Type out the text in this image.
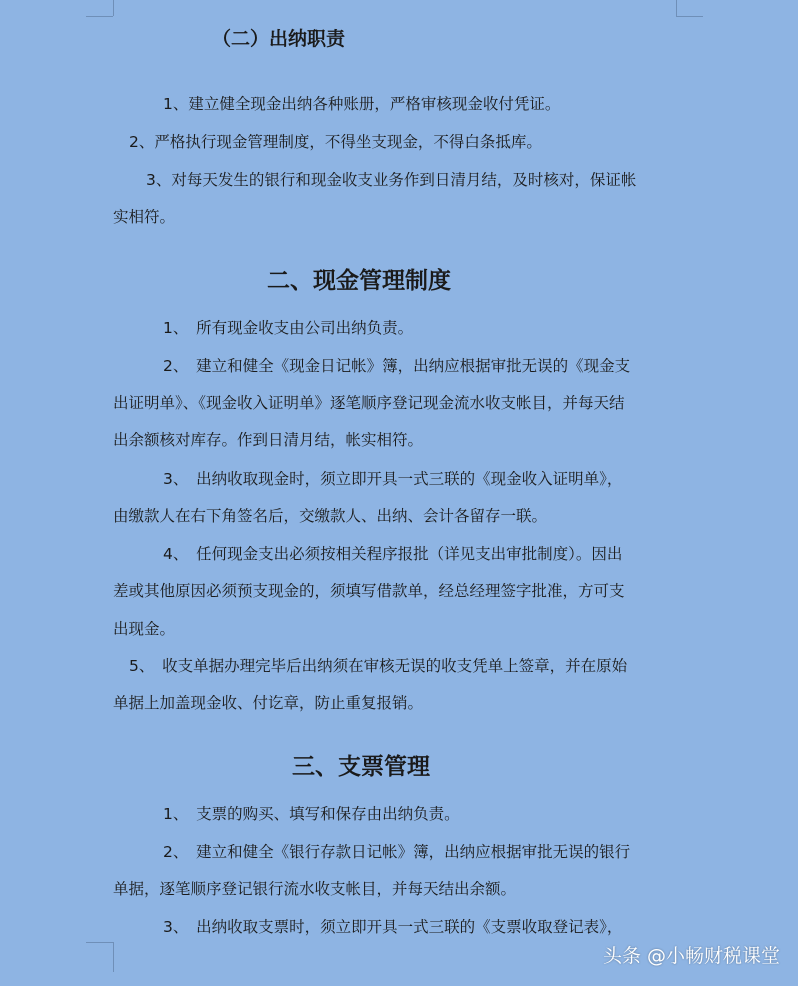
（二）出纳职责
1、建立健全现金出纳各种账册，严格审核现金收付凭证。
2、严格执行现金管理制度，不得坐支现金，不得白条抵库。
3、对每天发生的银行和现金收支业务作到日清月结，及时核对，保证帐
实相符。
二、现金管理制度
1、　所有现金收支由公司出纳负责。
2、　建立和健全《现金日记帐》簿，出纳应根据审批无误的《现金支
出证明单》、《现金收入证明单》逐笔顺序登记现金流水收支帐目，并每天结
出余额核对库存。作到日清月结，帐实相符。
3、　出纳收取现金时，须立即开具一式三联的《现金收入证明单》，
由缴款人在右下角签名后，交缴款人、出纳、会计各留存一联。
4、　任何现金支出必须按相关程序报批（详见支出审批制度）。因出
差或其他原因必须预支现金的，须填写借款单，经总经理签字批准，方可支
出现金。
5、　收支单据办理完毕后出纳须在审核无误的收支凭单上签章，并在原始
单据上加盖现金收、付讫章，防止重复报销。
三、支票管理
1、　支票的购买、填写和保存由出纳负责。
2、　建立和健全《银行存款日记帐》簿，出纳应根据审批无误的银行
单据，逐笔顺序登记银行流水收支帐目，并每天结出余额。
3、　出纳收取支票时，须立即开具一式三联的《支票收取登记表》，
头条 @小畅财税课堂
